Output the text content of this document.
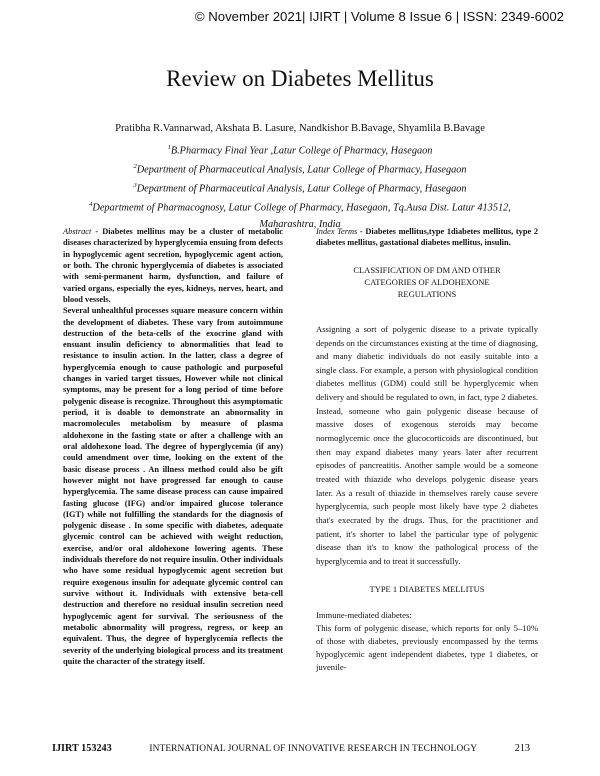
© November 2021| IJIRT | Volume 8 Issue 6 | ISSN: 2349-6002
Review on Diabetes Mellitus
Pratibha R.Vannarwad, Akshata B. Lasure, Nandkishor B.Bavage, Shyamlila B.Bavage
$^1$B.Pharmacy Final Year ,Latur College of Pharmacy, Hasegaon
$^2$Department of Pharmaceutical Analysis, Latur College of Pharmacy, Hasegaon
$^3$Department of Pharmaceutical Analysis, Latur College of Pharmacy, Hasegaon
$^4$Departmemt of Pharmacognosy, Latur College of Pharmacy, Hasegaon, Tq.Ausa Dist. Latur 413512,
Maharashtra, India

Abstract - Diabetes mellitus may be a cluster of metabolic diseases characterized by hyperglycemia ensuing from defects in hypoglycemic agent secretion, hypoglycemic agent action, or both. The chronic hyperglycemia of diabetes is associated with semi-permanent harm, dysfunction, and failure of varied organs, especially the eyes, kidneys, nerves, heart, and blood vessels.

Several unhealthful processes square measure concern within the development of diabetes. These vary from autoimmune destruction of the beta-cells of the exocrine gland with ensuant insulin deficiency to abnormalities that lead to resistance to insulin action. In the latter, class a degree of hyperglycemia enough to cause pathologic and purposeful changes in varied target tissues, However while not clinical symptoms, may be present for a long period of time before polygenic disease is recognize. Throughout this asymptomatic period, it is doable to demonstrate an abnormality in macromolecules metabolism by measure of plasma aldohexone in the fasting state or after a challenge with an oral aldohexone load. The degree of hyperglycemia (if any) could amendment over time, looking on the extent of the basic disease process . An illness method could also be gift however might not have progressed far enough to cause hyperglycemia. The same disease process can cause impaired fasting glucose (IFG) and/or impaired glucose tolerance (IGT) while not fulfilling the standards for the diagnosis of polygenic disease . In some specific with diabetes, adequate glycemic control can be achieved with weight reduction, exercise, and/or oral aldohexone lowering agents. These individuals therefore do not require insulin. Other individuals who have some residual hypoglycemic agent secretion but require exogenous insulin for adequate glycemic control can survive without it. Individuals with extensive beta-cell destruction and therefore no residual insulin secretion need hypoglycemic agent for survival. The seriousness of the metabolic abnormality will progress, regress, or keep an equivalent. Thus, the degree of hyperglycemia reflects the severity of the underlying biological process and its treatment quite the character of the strategy itself.

Index Terms - Diabetes mellitus,type 1diabetes mellitus, type 2 diabetes mellitus, gastational diabetes mellitus, insulin.

CLASSIFICATION OF DM AND OTHER
CATEGORIES OF ALDOHEXONE
REGULATIONS

Assigning a sort of polygenic disease to a private typically depends on the circumstances existing at the time of diagnosing, and many diabetic individuals do not easily suitable into a single class. For example, a person with physiological condition diabetes mellitus (GDM) could still be hyperglycemic when delivery and should be regulated to own, in fact, type 2 diabetes. Instead, someone who gain polygenic disease because of massive doses of exogenous steroids may become normoglycemic once the glucocorticoids are discontinued, but then may expand diabetes many years later after recurrent episodes of pancreatitis. Another sample would be a someone treated with thiazide who develops polygenic disease years later. As a result of thiazide in themselves rarely cause severe hyperglycemia, such people most likely have type 2 diabetes that's execrated by the drugs. Thus, for the practitioner and patient, it's shorter to label the particular type of polygenic disease than it's to know the pathological process of the hyperglycemia and to treat it successfully.

TYPE 1 DIABETES MELLITUS

Immune-mediated diabetes:
This form of polygenic disease, which reports for only 5–10% of those with diabetes, previously encompassed by the terms hypoglycemic agent independent diabetes, type 1 diabetes, or juvenile-

IJIRT 153243	INTERNATIONAL JOURNAL OF INNOVATIVE RESEARCH IN TECHNOLOGY	213
